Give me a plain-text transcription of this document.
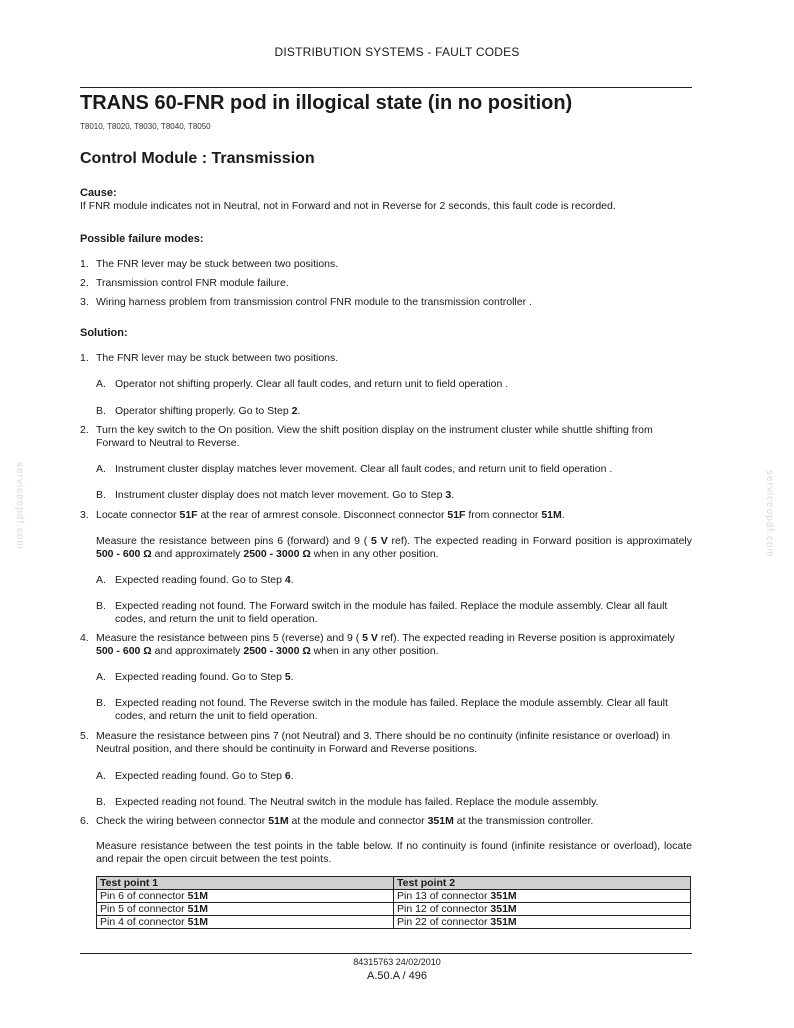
DISTRIBUTION SYSTEMS - FAULT CODES
TRANS 60-FNR pod in illogical state (in no position)
T8010, T8020, T8030, T8040, T8050
Control Module : Transmission
Cause:
If FNR module indicates not in Neutral, not in Forward and not in Reverse for 2 seconds, this fault code is recorded.
Possible failure modes:
1. The FNR lever may be stuck between two positions.
2. Transmission control FNR module failure.
3. Wiring harness problem from transmission control FNR module to the transmission controller .
Solution:
1. The FNR lever may be stuck between two positions.
A. Operator not shifting properly. Clear all fault codes, and return unit to field operation .
B. Operator shifting properly. Go to Step 2.
2. Turn the key switch to the On position. View the shift position display on the instrument cluster while shuttle shifting from Forward to Neutral to Reverse.
A. Instrument cluster display matches lever movement. Clear all fault codes, and return unit to field operation .
B. Instrument cluster display does not match lever movement. Go to Step 3.
3. Locate connector 51F at the rear of armrest console. Disconnect connector 51F from connector 51M.
Measure the resistance between pins 6 (forward) and 9 ( 5 V ref). The expected reading in Forward position is approximately 500 - 600 Ω and approximately 2500 - 3000 Ω when in any other position.
A. Expected reading found. Go to Step 4.
B. Expected reading not found. The Forward switch in the module has failed. Replace the module assembly. Clear all fault codes, and return the unit to field operation.
4. Measure the resistance between pins 5 (reverse) and 9 ( 5 V ref). The expected reading in Reverse position is approximately 500 - 600 Ω and approximately 2500 - 3000 Ω when in any other position.
A. Expected reading found. Go to Step 5.
B. Expected reading not found. The Reverse switch in the module has failed. Replace the module assembly. Clear all fault codes, and return the unit to field operation.
5. Measure the resistance between pins 7 (not Neutral) and 3. There should be no continuity (infinite resistance or overload) in Neutral position, and there should be continuity in Forward and Reverse positions.
A. Expected reading found. Go to Step 6.
B. Expected reading not found. The Neutral switch in the module has failed. Replace the module assembly.
6. Check the wiring between connector 51M at the module and connector 351M at the transmission controller.
Measure resistance between the test points in the table below. If no continuity is found (infinite resistance or overload), locate and repair the open circuit between the test points.
Test point 1	Test point 2
Pin 6 of connector 51M	Pin 13 of connector 351M
Pin 5 of connector 51M	Pin 12 of connector 351M
Pin 4 of connector 51M	Pin 22 of connector 351M
84315763 24/02/2010
A.50.A / 496
serviceopdf.com	serviceopdf.com
